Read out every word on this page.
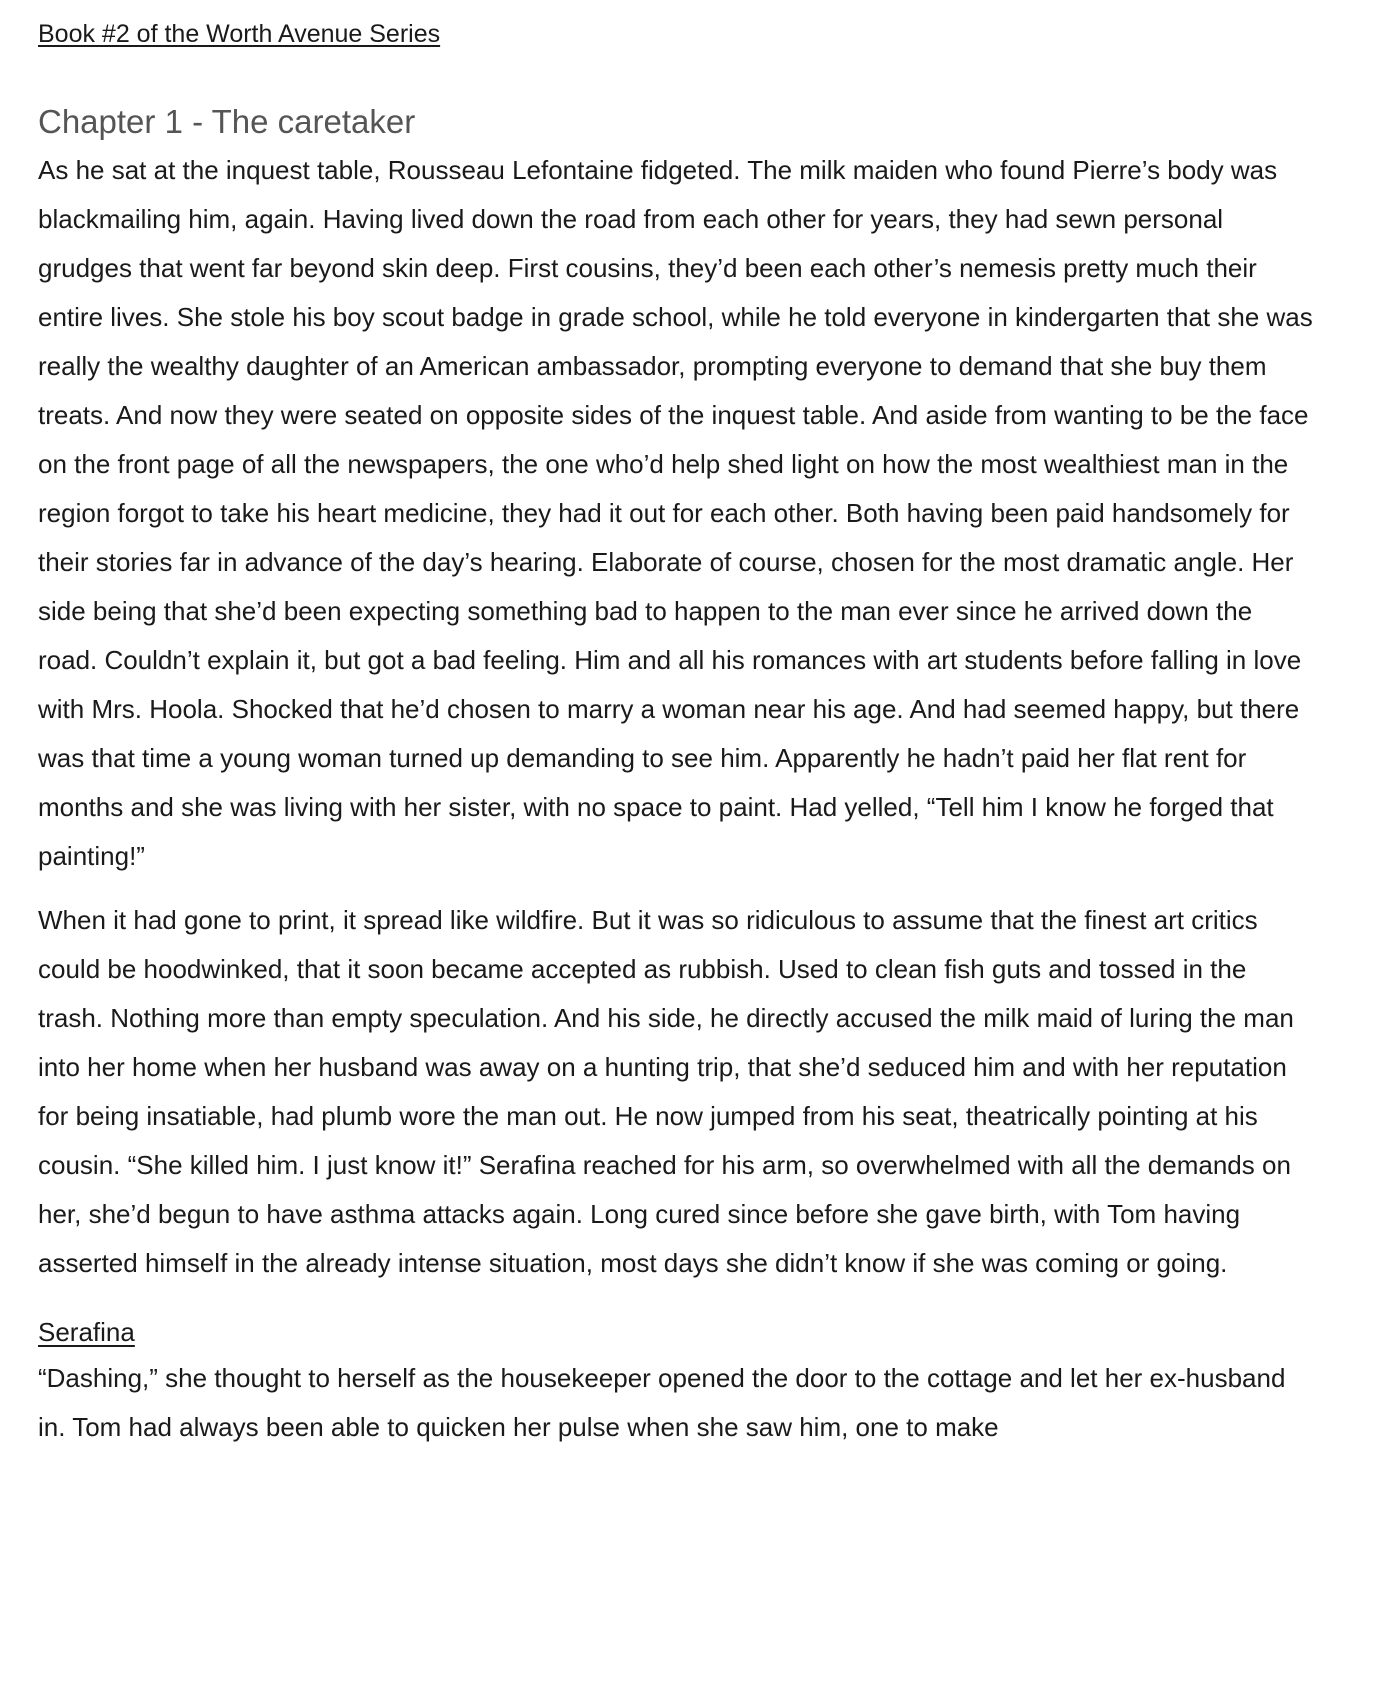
Book #2 of the Worth Avenue Series

Chapter 1 - The caretaker

As he sat at the inquest table, Rousseau Lefontaine fidgeted. The milk maiden who found Pierre’s body was blackmailing him, again. Having lived down the road from each other for years, they had sewn personal grudges that went far beyond skin deep. First cousins, they’d been each other’s nemesis pretty much their entire lives. She stole his boy scout badge in grade school, while he told everyone in kindergarten that she was really the wealthy daughter of an American ambassador, prompting everyone to demand that she buy them treats. And now they were seated on opposite sides of the inquest table. And aside from wanting to be the face on the front page of all the newspapers, the one who’d help shed light on how the most wealthiest man in the region forgot to take his heart medicine, they had it out for each other. Both having been paid handsomely for their stories far in advance of the day’s hearing. Elaborate of course, chosen for the most dramatic angle. Her side being that she’d been expecting something bad to happen to the man ever since he arrived down the road. Couldn’t explain it, but got a bad feeling. Him and all his romances with art students before falling in love with Mrs. Hoola. Shocked that he’d chosen to marry a woman near his age. And had seemed happy, but there was that time a young woman turned up demanding to see him. Apparently he hadn’t paid her flat rent for months and she was living with her sister, with no space to paint. Had yelled, “Tell him I know he forged that painting!”

When it had gone to print, it spread like wildfire. But it was so ridiculous to assume that the finest art critics could be hoodwinked, that it soon became accepted as rubbish. Used to clean fish guts and tossed in the trash. Nothing more than empty speculation. And his side, he directly accused the milk maid of luring the man into her home when her husband was away on a hunting trip, that she’d seduced him and with her reputation for being insatiable, had plumb wore the man out. He now jumped from his seat, theatrically pointing at his cousin. “She killed him. I just know it!” Serafina reached for his arm, so overwhelmed with all the demands on her, she’d begun to have asthma attacks again. Long cured since before she gave birth, with Tom having asserted himself in the already intense situation, most days she didn’t know if she was coming or going.

Serafina

“Dashing,” she thought to herself as the housekeeper opened the door to the cottage and let her ex-husband in. Tom had always been able to quicken her pulse when she saw him, one to make
